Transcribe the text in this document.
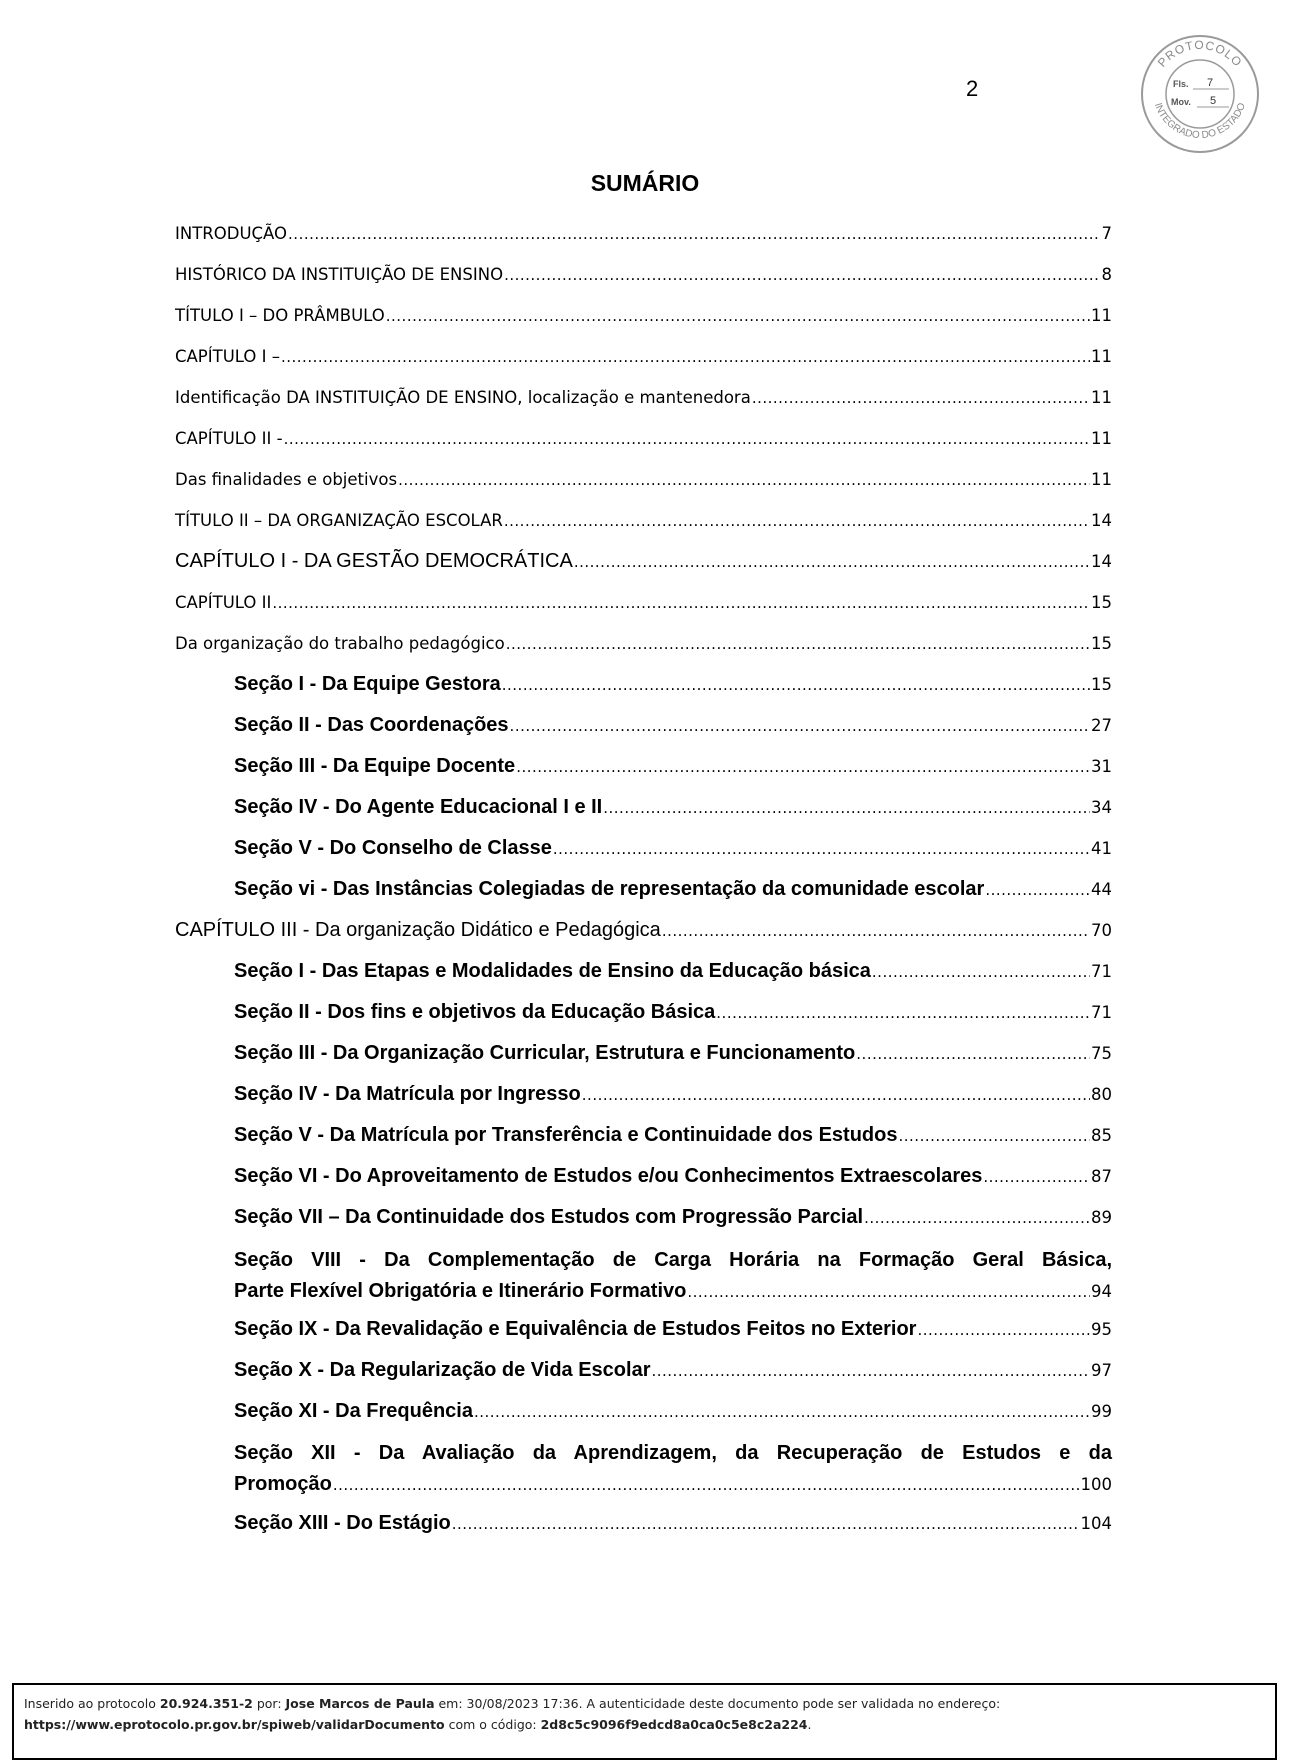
2
PROTOCOLO
INTEGRADO DO ESTADO
Fls. 7
Mov. 5
SUMÁRIO
INTRODUÇÃO .....	7
HISTÓRICO DA INSTITUIÇÃO DE ENSINO .....	8
TÍTULO I – DO PRÂMBULO .....	11
CAPÍTULO I – .....	11
Identificação DA INSTITUIÇÃO DE ENSINO, localização e mantenedora .....	11
CAPÍTULO II - .....	11
Das finalidades e objetivos .....	11
TÍTULO II – DA ORGANIZAÇÃO ESCOLAR .....	14
CAPÍTULO I - DA GESTÃO DEMOCRÁTICA .....	14
CAPÍTULO II .....	15
Da organização do trabalho pedagógico .....	15
Seção I - Da Equipe Gestora .....	15
Seção II - Das Coordenações .....	27
Seção III - Da Equipe Docente .....	31
Seção IV - Do Agente Educacional I e II .....	34
Seção V - Do Conselho de Classe .....	41
Seção vi - Das Instâncias Colegiadas de representação da comunidade escolar .....	44
CAPÍTULO III - Da organização Didático e Pedagógica .....	70
Seção I - Das Etapas e Modalidades de Ensino da Educação básica .....	71
Seção II - Dos fins e objetivos da Educação Básica .....	71
Seção III - Da Organização Curricular, Estrutura e Funcionamento .....	75
Seção IV - Da Matrícula por Ingresso .....	80
Seção V - Da Matrícula por Transferência e Continuidade dos Estudos .....	85
Seção VI - Do Aproveitamento de Estudos e/ou Conhecimentos Extraescolares .....	87
Seção VII – Da Continuidade dos Estudos com Progressão Parcial .....	89
Seção VIII - Da Complementação de Carga Horária na Formação Geral Básica,
Parte Flexível Obrigatória e Itinerário Formativo .....	94
Seção IX - Da Revalidação e Equivalência de Estudos Feitos no Exterior .....	95
Seção X - Da Regularização de Vida Escolar .....	97
Seção XI - Da Frequência .....	99
Seção XII - Da Avaliação da Aprendizagem, da Recuperação de Estudos e da
Promoção .....	100
Seção XIII - Do Estágio .....	104
Inserido ao protocolo 20.924.351-2 por: Jose Marcos de Paula em: 30/08/2023 17:36. A autenticidade deste documento pode ser validada no endereço:
https://www.eprotocolo.pr.gov.br/spiweb/validarDocumento com o código: 2d8c5c9096f9edcd8a0ca0c5e8c2a224.
